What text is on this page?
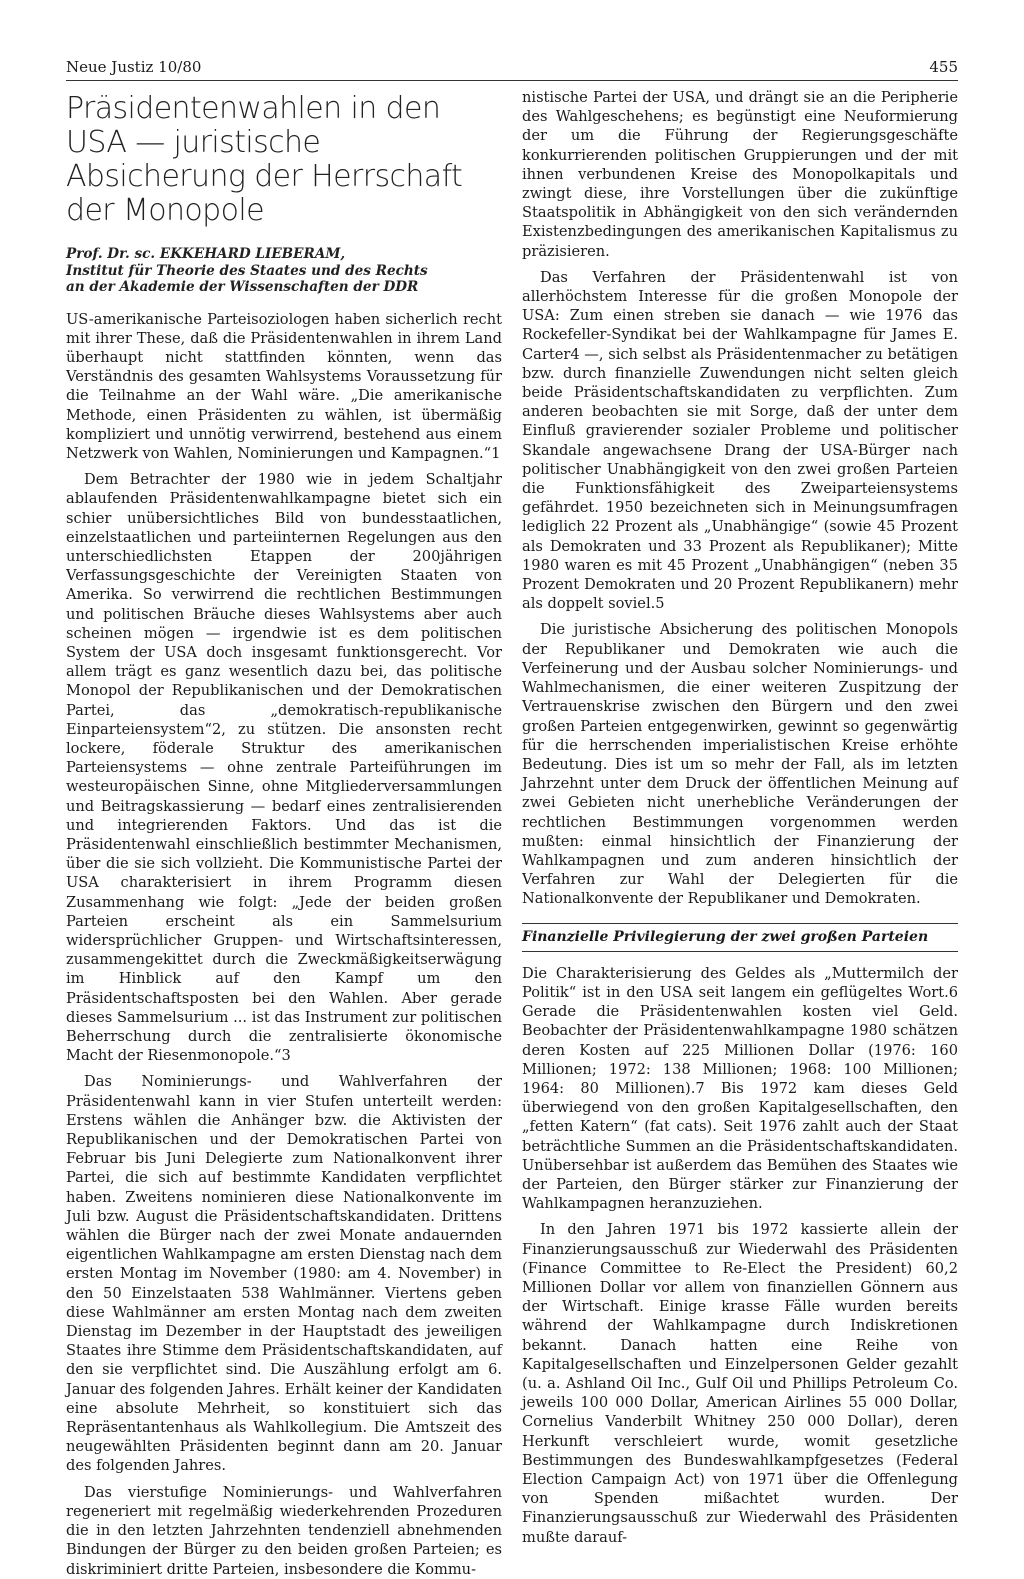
Neue Justiz 10/80	455
Präsidentenwahlen in den USA — juristische Absicherung der Herrschaft der Monopole
Prof. Dr. sc. EKKEHARD LIEBERAM,
Institut für Theorie des Staates und des Rechts
an der Akademie der Wissenschaften der DDR

US-amerikanische Parteisoziologen haben sicherlich recht mit ihrer These, daß die Präsidentenwahlen in ihrem Land überhaupt nicht stattfinden könnten, wenn das Verständnis des gesamten Wahlsystems Voraussetzung für die Teilnahme an der Wahl wäre. „Die amerikanische Methode, einen Präsidenten zu wählen, ist übermäßig kompliziert und unnötig verwirrend, bestehend aus einem Netzwerk von Wahlen, Nominierungen und Kampagnen.“1

Dem Betrachter der 1980 wie in jedem Schaltjahr ablaufenden Präsidentenwahlkampagne bietet sich ein schier unübersichtliches Bild von bundesstaatlichen, einzelstaatlichen und parteiinternen Regelungen aus den unterschiedlichsten Etappen der 200jährigen Verfassungsgeschichte der Vereinigten Staaten von Amerika. So verwirrend die rechtlichen Bestimmungen und politischen Bräuche dieses Wahlsystems aber auch scheinen mögen — irgendwie ist es dem politischen System der USA doch insgesamt funktionsgerecht. Vor allem trägt es ganz wesentlich dazu bei, das politische Monopol der Republikanischen und der Demokratischen Partei, das „demokratisch-republikanische Einparteiensystem“2, zu stützen. Die ansonsten recht lockere, föderale Struktur des amerikanischen Parteiensystems — ohne zentrale Parteiführungen im westeuropäischen Sinne, ohne Mitgliederversammlungen und Beitragskassierung — bedarf eines zentralisierenden und integrierenden Faktors. Und das ist die Präsidentenwahl einschließlich bestimmter Mechanismen, über die sie sich vollzieht. Die Kommunistische Partei der USA charakterisiert in ihrem Programm diesen Zusammenhang wie folgt: „Jede der beiden großen Parteien erscheint als ein Sammelsurium widersprüchlicher Gruppen- und Wirtschaftsinteressen, zusammengekittet durch die Zweckmäßigkeitserwägung im Hinblick auf den Kampf um den Präsidentschaftsposten bei den Wahlen. Aber gerade dieses Sammelsurium ... ist das Instrument zur politischen Beherrschung durch die zentralisierte ökonomische Macht der Riesenmonopole.“3

Das Nominierungs- und Wahlverfahren der Präsidentenwahl kann in vier Stufen unterteilt werden: Erstens wählen die Anhänger bzw. die Aktivisten der Republikanischen und der Demokratischen Partei von Februar bis Juni Delegierte zum Nationalkonvent ihrer Partei, die sich auf bestimmte Kandidaten verpflichtet haben. Zweitens nominieren diese Nationalkonvente im Juli bzw. August die Präsidentschaftskandidaten. Drittens wählen die Bürger nach der zwei Monate andauernden eigentlichen Wahlkampagne am ersten Dienstag nach dem ersten Montag im November (1980: am 4. November) in den 50 Einzelstaaten 538 Wahlmänner. Viertens geben diese Wahlmänner am ersten Montag nach dem zweiten Dienstag im Dezember in der Hauptstadt des jeweiligen Staates ihre Stimme dem Präsidentschaftskandidaten, auf den sie verpflichtet sind. Die Auszählung erfolgt am 6. Januar des folgenden Jahres. Erhält keiner der Kandidaten eine absolute Mehrheit, so konstituiert sich das Repräsentantenhaus als Wahlkollegium. Die Amtszeit des neugewählten Präsidenten beginnt dann am 20. Januar des folgenden Jahres.

Das vierstufige Nominierungs- und Wahlverfahren regeneriert mit regelmäßig wiederkehrenden Prozeduren die in den letzten Jahrzehnten tendenziell abnehmenden Bindungen der Bürger zu den beiden großen Parteien; es diskriminiert dritte Parteien, insbesondere die Kommu-

nistische Partei der USA, und drängt sie an die Peripherie des Wahlgeschehens; es begünstigt eine Neuformierung der um die Führung der Regierungsgeschäfte konkurrierenden politischen Gruppierungen und der mit ihnen verbundenen Kreise des Monopolkapitals und zwingt diese, ihre Vorstellungen über die zukünftige Staatspolitik in Abhängigkeit von den sich verändernden Existenzbedingungen des amerikanischen Kapitalismus zu präzisieren.

Das Verfahren der Präsidentenwahl ist von allerhöchstem Interesse für die großen Monopole der USA: Zum einen streben sie danach — wie 1976 das Rockefeller-Syndikat bei der Wahlkampagne für James E. Carter4 —, sich selbst als Präsidentenmacher zu betätigen bzw. durch finanzielle Zuwendungen nicht selten gleich beide Präsidentschaftskandidaten zu verpflichten. Zum anderen beobachten sie mit Sorge, daß der unter dem Einfluß gravierender sozialer Probleme und politischer Skandale angewachsene Drang der USA-Bürger nach politischer Unabhängigkeit von den zwei großen Parteien die Funktionsfähigkeit des Zweiparteiensystems gefährdet. 1950 bezeichneten sich in Meinungsumfragen lediglich 22 Prozent als „Unabhängige“ (sowie 45 Prozent als Demokraten und 33 Prozent als Republikaner); Mitte 1980 waren es mit 45 Prozent „Unabhängigen“ (neben 35 Prozent Demokraten und 20 Prozent Republikanern) mehr als doppelt soviel.5

Die juristische Absicherung des politischen Monopols der Republikaner und Demokraten wie auch die Verfeinerung und der Ausbau solcher Nominierungs- und Wahlmechanismen, die einer weiteren Zuspitzung der Vertrauenskrise zwischen den Bürgern und den zwei großen Parteien entgegenwirken, gewinnt so gegenwärtig für die herrschenden imperialistischen Kreise erhöhte Bedeutung. Dies ist um so mehr der Fall, als im letzten Jahrzehnt unter dem Druck der öffentlichen Meinung auf zwei Gebieten nicht unerhebliche Veränderungen der rechtlichen Bestimmungen vorgenommen werden mußten: einmal hinsichtlich der Finanzierung der Wahlkampagnen und zum anderen hinsichtlich der Verfahren zur Wahl der Delegierten für die Nationalkonvente der Republikaner und Demokraten.

Finanzielle Privilegierung der zwei großen Parteien

Die Charakterisierung des Geldes als „Muttermilch der Politik“ ist in den USA seit langem ein geflügeltes Wort.6 Gerade die Präsidentenwahlen kosten viel Geld. Beobachter der Präsidentenwahlkampagne 1980 schätzen deren Kosten auf 225 Millionen Dollar (1976: 160 Millionen; 1972: 138 Millionen; 1968: 100 Millionen; 1964: 80 Millionen).7 Bis 1972 kam dieses Geld überwiegend von den großen Kapitalgesellschaften, den „fetten Katern“ (fat cats). Seit 1976 zahlt auch der Staat beträchtliche Summen an die Präsidentschaftskandidaten. Unübersehbar ist außerdem das Bemühen des Staates wie der Parteien, den Bürger stärker zur Finanzierung der Wahlkampagnen heranzuziehen.

In den Jahren 1971 bis 1972 kassierte allein der Finanzierungsausschuß zur Wiederwahl des Präsidenten (Finance Committee to Re-Elect the President) 60,2 Millionen Dollar vor allem von finanziellen Gönnern aus der Wirtschaft. Einige krasse Fälle wurden bereits während der Wahlkampagne durch Indiskretionen bekannt. Danach hatten eine Reihe von Kapitalgesellschaften und Einzelpersonen Gelder gezahlt (u. a. Ashland Oil Inc., Gulf Oil und Phillips Petroleum Co. jeweils 100 000 Dollar, American Airlines 55 000 Dollar, Cornelius Vanderbilt Whitney 250 000 Dollar), deren Herkunft verschleiert wurde, womit gesetzliche Bestimmungen des Bundeswahlkampfgesetzes (Federal Election Campaign Act) von 1971 über die Offenlegung von Spenden mißachtet wurden. Der Finanzierungsausschuß zur Wiederwahl des Präsidenten mußte darauf-
